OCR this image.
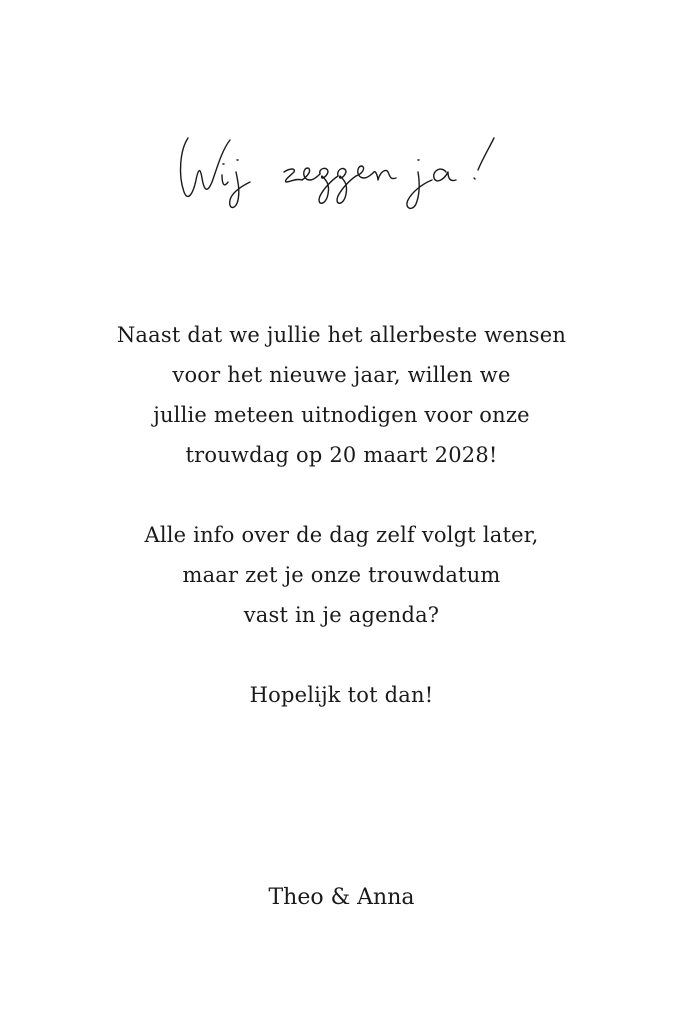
Naast dat we jullie het allerbeste wensen
voor het nieuwe jaar, willen we
jullie meteen uitnodigen voor onze
trouwdag op 20 maart 2028!
Alle info over de dag zelf volgt later,
maar zet je onze trouwdatum
vast in je agenda?
Hopelijk tot dan!
Theo & Anna
